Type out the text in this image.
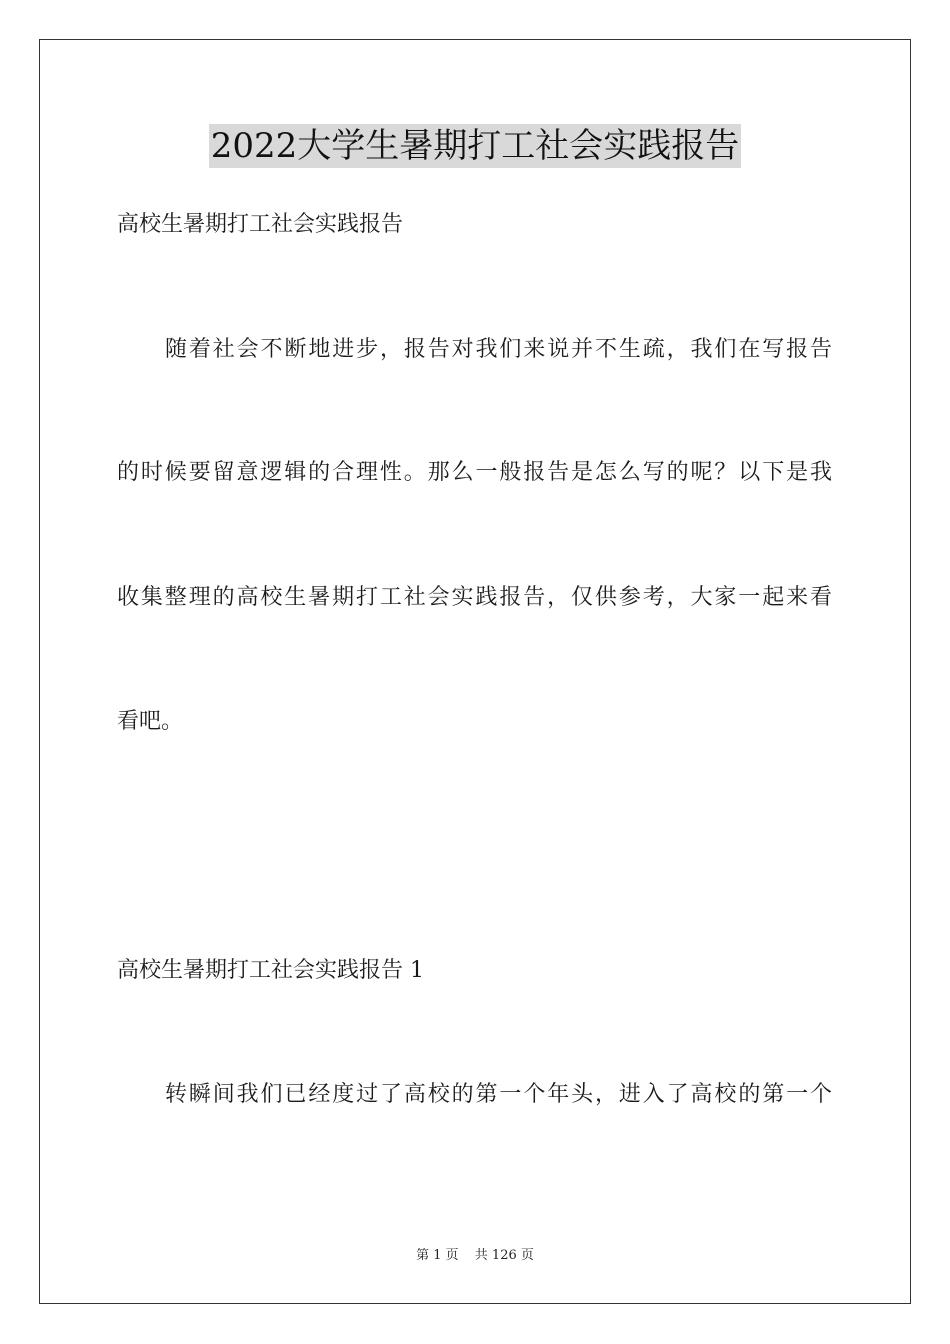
2022大学生暑期打工社会实践报告
高校生暑期打工社会实践报告
随着社会不断地进步，报告对我们来说并不生疏，我们在写报告
的时候要留意逻辑的合理性。那么一般报告是怎么写的呢？以下是我
收集整理的高校生暑期打工社会实践报告，仅供参考，大家一起来看
看吧。
高校生暑期打工社会实践报告 1
转瞬间我们已经度过了高校的第一个年头，进入了高校的第一个
第 1 页 共 126 页
